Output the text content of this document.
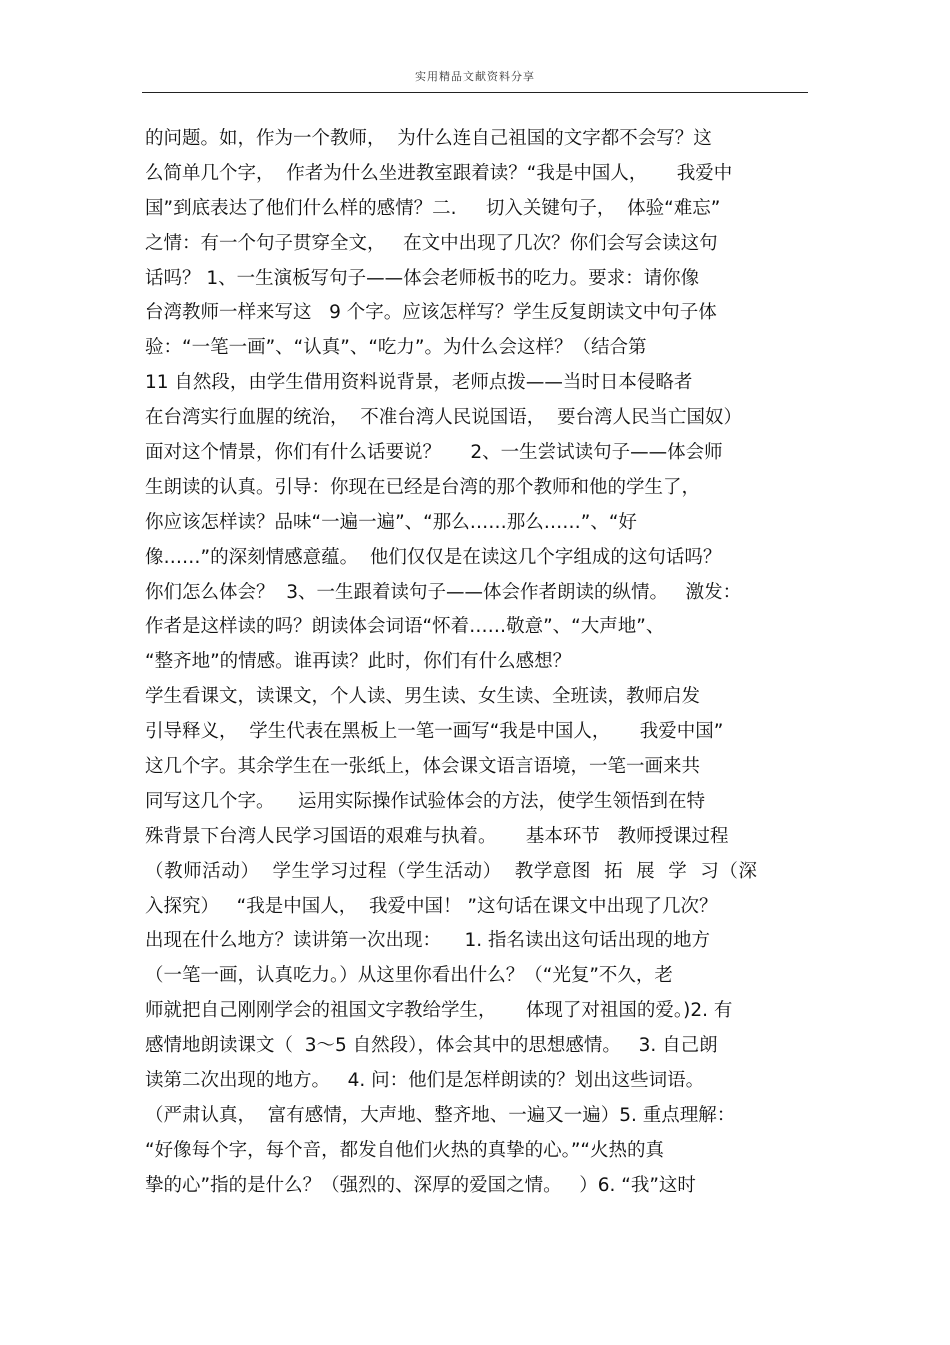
实用精品文献资料分享
的问题。如，作为一个教师，  为什么连自己祖国的文字都不会写？这
么简单几个字，  作者为什么坐进教室跟着读？“我是中国人，     我爱中
国”到底表达了他们什么样的感情？二.     切入关键句子，  体验“难忘”
之情：有一个句子贯穿全文，   在文中出现了几次？你们会写会读这句
话吗？ 1、一生演板写句子——体会老师板书的吃力。要求：请你像
台湾教师一样来写这   9 个字。应该怎样写？学生反复朗读文中句子体
验：“一笔一画”、“认真”、“吃力”。为什么会这样？（结合第
11 自然段，由学生借用资料说背景，老师点拨——当时日本侵略者
在台湾实行血腥的统治，  不准台湾人民说国语，  要台湾人民当亡国奴）
面对这个情景，你们有什么话要说？     2、一生尝试读句子——体会师
生朗读的认真。引导：你现在已经是台湾的那个教师和他的学生了，
你应该怎样读？品味“一遍一遍”、“那么……那么……”、“好
像……”的深刻情感意蕴。  他们仅仅是在读这几个字组成的这句话吗？
你们怎么体会？  3、一生跟着读句子——体会作者朗读的纵情。   激发：
作者是这样读的吗？朗读体会词语“怀着……敬意”、“大声地”、
“整齐地”的情感。谁再读？此时，你们有什么感想？
学生看课文，读课文，个人读、男生读、女生读、全班读，教师启发
引导释义，  学生代表在黑板上一笔一画写“我是中国人，     我爱中国”
这几个字。其余学生在一张纸上，体会课文语言语境，一笔一画来共
同写这几个字。    运用实际操作试验体会的方法，使学生领悟到在特
殊背景下台湾人民学习国语的艰难与执着。     基本环节   教师授课过程
（教师活动）  学生学习过程（学生活动）  教学意图  拓  展  学  习（深
入探究）   “我是中国人，  我爱中国！ ”这句话在课文中出现了几次？
出现在什么地方？读讲第一次出现：    1. 指名读出这句话出现的地方
（一笔一画，认真吃力。）从这里你看出什么？（“光复”不久，老
师就把自己刚刚学会的祖国文字教给学生，     体现了对祖国的爱。)2. 有
感情地朗读课文（  3～5 自然段），体会其中的思想感情。   3. 自己朗
读第二次出现的地方。   4. 问：他们是怎样朗读的？划出这些词语。
（严肃认真，  富有感情，大声地、整齐地、一遍又一遍）5. 重点理解：
“好像每个字，每个音，都发自他们火热的真挚的心。”“火热的真
挚的心”指的是什么？（强烈的、深厚的爱国之情。   ）6. “我”这时
